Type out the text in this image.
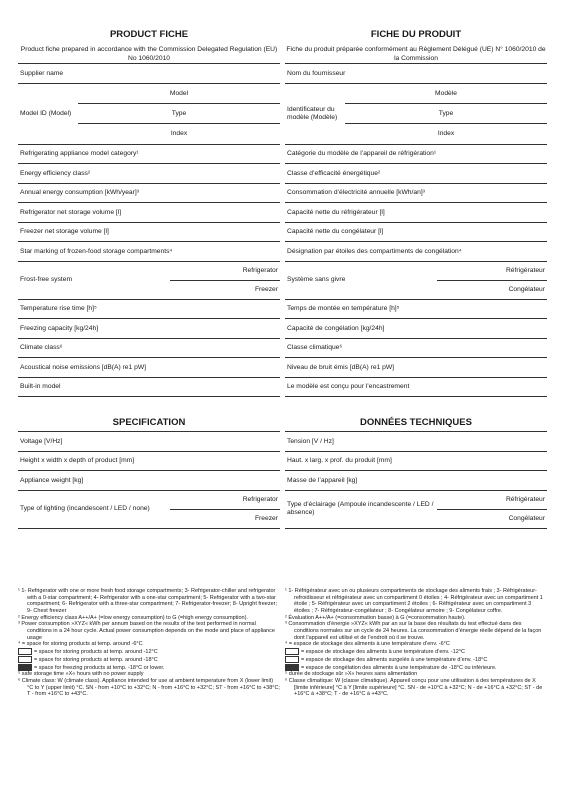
PRODUCT FICHE
Product fiche prepared in accordance with the Commission Delegated Regulation (EU) No 1060/2010
Supplier name
Model ID (Model)
Model
Type
Index
Refrigerating appliance model category¹
Energy efficiency class²
Annual energy consumption [kWh/year]³
Refrigerator net storage volume [l]
Freezer net storage volume [l]
Star marking of frozen-food storage compartments⁴
Frost-free system
Refrigerator
Freezer
Temperature rise time [h]⁵
Freezing capacity [kg/24h]
Climate class⁶
Acoustical noise emissions [dB(A) re1 pW]
Built-in model
SPECIFICATION
Voltage [V/Hz]
Height x width x depth of product [mm]
Appliance weight [kg]
Type of lighting (incandescent / LED / none)
Refrigerator
Freezer

¹ 1- Refrigerator with one or more fresh food storage compartments; 3- Refrigerator-chiller and refrigerator with a 0-star compartment; 4- Refrigerator with a one-star compartment; 5- Refrigerator with a two-star compartment; 6- Refrigerator with a three-star compartment; 7- Refrigerator-freezer; 8- Upright freezer; 9- Chest freezer

² Energy efficiency class A++/A+ (=low energy consumption) to G (=high energy consumption).

³ Power consumption »XYZ« kWh per annum based on the results of the test performed in normal conditions in a 24 hour cycle. Actual power consumption depends on the mode and place of appliance usage

⁴ = space for storing products at temp. around -6°C

= space for storing products at temp. around -12°C

= space for storing products at temp. around -18°C

= space for freezing products at temp. -18°C or lower.

⁵ safe storage time »X« hours with no power supply

⁶ Climate class: W (climate class). Appliance intended for use at ambient temperature from X (lower limit) °C to Y (upper limit) °C. SN - from +10°C to +32°C; N - from +16°C to +32°C; ST - from +16°C to +38°C; T - from +16°C to +43°C.

FICHE DU PRODUIT
Fiche du produit préparée conformément au Règlement Délégué (UE) N° 1060/2010 de la Commission
Nom du fournisseur
Identificateur du modèle (Modèle)
Modèle
Type
Index
Catégorie du modèle de l’appareil de réfrigération¹
Classe d’efficacité énergétique²
Consommation d’électricité annuelle [kWh/an]³
Capacité nette du réfrigérateur [l]
Capacité nette du congélateur [l]
Désignation par étoiles des compartiments de congélation⁴
Système sans givre
Réfrigérateur
Congélateur
Temps de montée en température [h]⁵
Capacité de congélation [kg/24h]
Classe climatique⁶
Niveau de bruit émis [dB(A) re1 pW]
Le modèle est conçu pour l’encastrement
DONNÉES TECHNIQUES
Tension [V / Hz]
Haut. x larg. x prof. du produit [mm]
Masse de l’appareil [kg]
Type d’éclairage (Ampoule incandescente / LED / absence)
Réfrigérateur
Congélateur

¹ 1- Réfrigérateur avec un ou plusieurs compartiments de stockage des aliments frais ; 3- Réfrigérateur-refroidisseur et réfrigérateur avec un compartiment 0 étoiles ; 4- Réfrigérateur avec un compartiment 1 étoile ; 5- Réfrigérateur avec un compartiment 2 étoiles ; 6- Réfrigérateur avec un compartiment 3 étoiles ; 7- Réfrigérateur-congélateur ; 8- Congélateur armoire ; 9- Congélateur coffre.

² Évaluation A++/A+ (=consommation basse) à G (=consommation haute).

³ Consommation d’énergie »XYZ« kWh par an sur la base des résultats du test effectué dans des conditions normales sur un cycle de 24 heures. La consommation d’énergie réelle dépend de la façon dont l’appareil est utilisé et de l’endroit où il se trouve.

⁴ = espace de stockage des aliments à une température d’env. -6°C

= espace de stockage des aliments à une température d’env. -12°C

= espace de stockage des aliments surgelés à une température d’env. -18°C

= espace de congélation des aliments à une température de -18°C ou inférieure.

⁵ durée de stockage sûr »X« heures sans alimentation

⁶ Classe climatique: W (classe climatique). Appareil conçu pour une utilisation à des températures de X [limite inférieure] °C à Y [limite supérieure] °C. SN - de +10°C à +32°C; N - de +16°C à +32°C; ST - de +16°C à +38°C; T - de +16°C à +43°C.
